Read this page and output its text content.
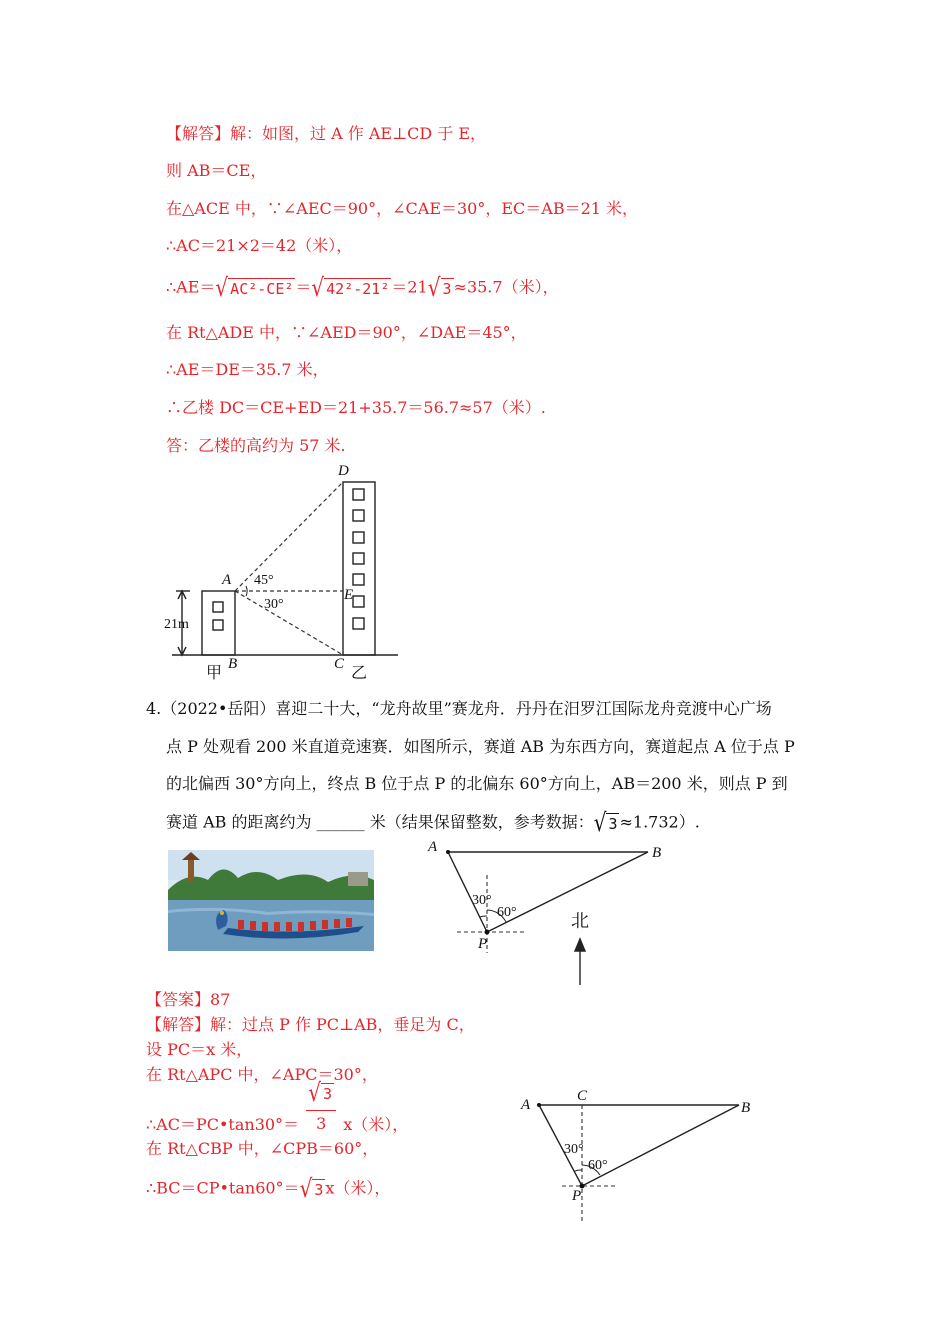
【解答】解：如图，过 A 作 AE⊥CD 于 E，
则 AB＝CE，
在△ACE 中，∵∠AEC＝90°，∠CAE＝30°，EC＝AB＝21 米，
∴AC＝21×2＝42（米），
∴AE＝√ AC²-CE² ＝√ 42²-21² ＝21√ 3 ≈35.7（米），
在 Rt△ADE 中，∵∠AED＝90°，∠DAE＝45°，
∴AE＝DE＝35.7 米，
∴乙楼 DC＝CE+ED＝21+35.7＝56.7≈57（米）.
答：乙楼的高约为 57 米.
D
A
E
B	C
45°
30°
21m
甲	乙
4.（2022•岳阳）喜迎二十大，“龙舟故里”赛龙舟．丹丹在汨罗江国际龙舟竞渡中心广场
点 P 处观看 200 米直道竞速赛．如图所示，赛道 AB 为东西方向，赛道起点 A 位于点 P
的北偏西 30°方向上，终点 B 位于点 P 的北偏东 60°方向上，AB＝200 米，则点 P 到
赛道 AB 的距离约为 ______ 米（结果保留整数，参考数据：√ 3 ≈1.732）.
A	B
P
30°
60°	北
【答案】87
【解答】解：过点 P 作 PC⊥AB，垂足为 C，
设 PC＝x 米，
在 Rt△APC 中，∠APC＝30°，
∴AC＝PC•tan30°＝ $\frac{√ 3}{3} x$（米），
在 Rt△CBP 中，∠CPB＝60°，
∴BC＝CP•tan60°＝√ 3 x（米），
A
C
B
P
30°
60°
